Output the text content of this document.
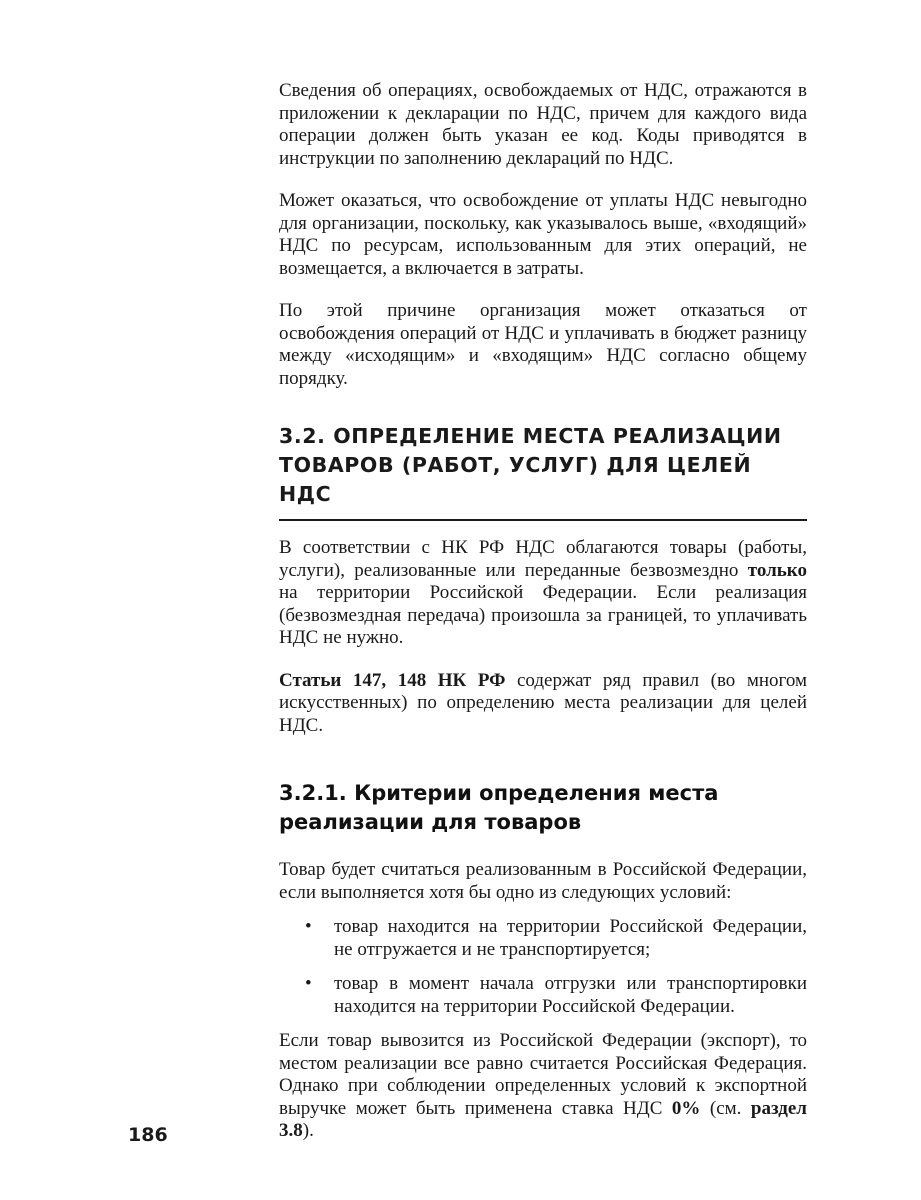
Сведения об операциях, освобождаемых от НДС, отражаются в приложении к декларации по НДС, причем для каждого вида операции должен быть указан ее код. Коды приводятся в инструкции по заполнению деклараций по НДС.

Может оказаться, что освобождение от уплаты НДС невыгодно для организации, поскольку, как указывалось выше, «входящий» НДС по ресурсам, использованным для этих операций, не возмещается, а включается в затраты.

По этой причине организация может отказаться от освобождения операций от НДС и уплачивать в бюджет разницу между «исходящим» и «входящим» НДС согласно общему порядку.

3.2. ОПРЕДЕЛЕНИЕ МЕСТА РЕАЛИЗАЦИИ
ТОВАРОВ (РАБОТ, УСЛУГ) ДЛЯ ЦЕЛЕЙ НДС

В соответствии с НК РФ НДС облагаются товары (работы, услуги), реализованные или переданные безвозмездно только на территории Российской Федерации. Если реализация (безвозмездная передача) произошла за границей, то уплачивать НДС не нужно.

Статьи 147, 148 НК РФ содержат ряд правил (во многом искусственных) по определению места реализации для целей НДС.

3.2.1. Критерии определения места
реализации для товаров

Товар будет считаться реализованным в Российской Федерации, если выполняется хотя бы одно из следующих условий:

• товар находится на территории Российской Федерации, не отгружается и не транспортируется;
• товар в момент начала отгрузки или транспортировки находится на территории Российской Федерации.

Если товар вывозится из Российской Федерации (экспорт), то местом реализации все равно считается Российская Федерация. Однако при соблюдении определенных условий к экспортной выручке может быть применена ставка НДС 0% (см. раздел 3.8).

186
